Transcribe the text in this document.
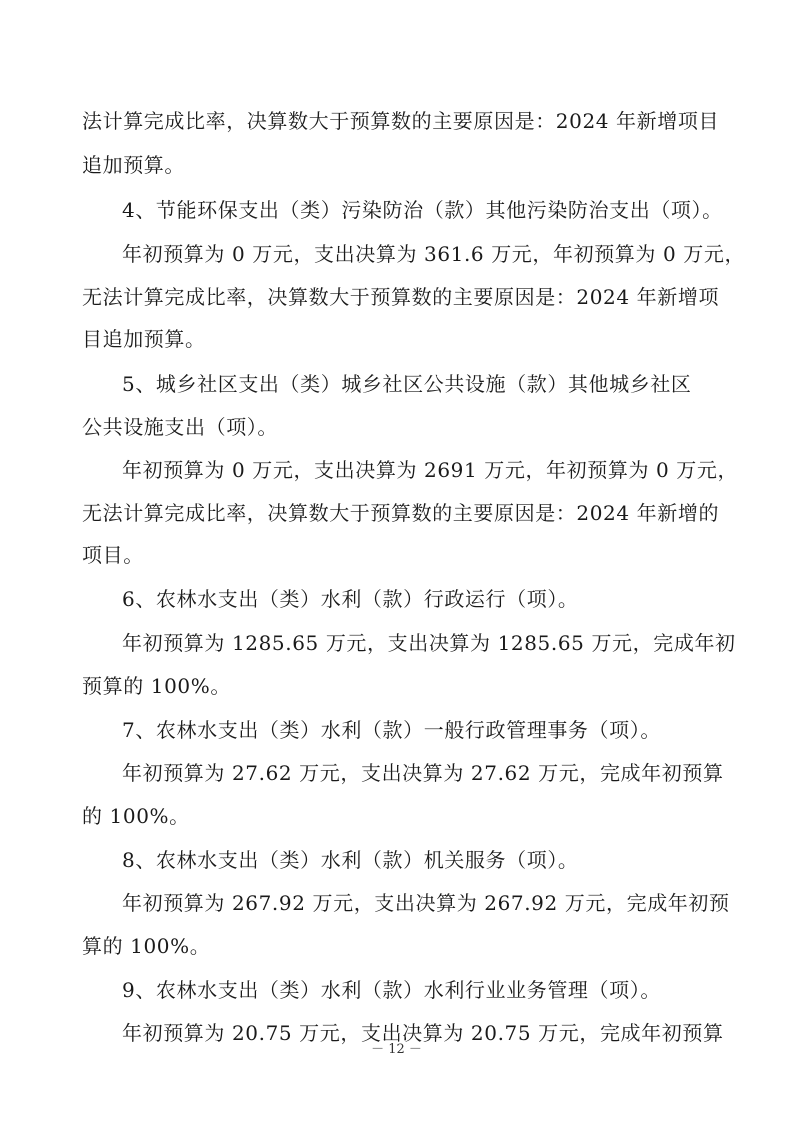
法计算完成比率，决算数大于预算数的主要原因是：2024 年新增项目
追加预算。
4、节能环保支出（类）污染防治（款）其他污染防治支出（项）。
年初预算为 0 万元，支出决算为 361.6 万元，年初预算为 0 万元，
无法计算完成比率，决算数大于预算数的主要原因是：2024 年新增项
目追加预算。
5、城乡社区支出（类）城乡社区公共设施（款）其他城乡社区
公共设施支出（项）。
年初预算为 0 万元，支出决算为 2691 万元，年初预算为 0 万元，
无法计算完成比率，决算数大于预算数的主要原因是：2024 年新增的
项目。
6、农林水支出（类）水利（款）行政运行（项）。
年初预算为 1285.65 万元，支出决算为 1285.65 万元，完成年初
预算的 100%。
7、农林水支出（类）水利（款）一般行政管理事务（项）。
年初预算为 27.62 万元，支出决算为 27.62 万元，完成年初预算
的 100%。
8、农林水支出（类）水利（款）机关服务（项）。
年初预算为 267.92 万元，支出决算为 267.92 万元，完成年初预
算的 100%。
9、农林水支出（类）水利（款）水利行业业务管理（项）。
年初预算为 20.75 万元，支出决算为 20.75 万元，完成年初预算
－ 12 －
